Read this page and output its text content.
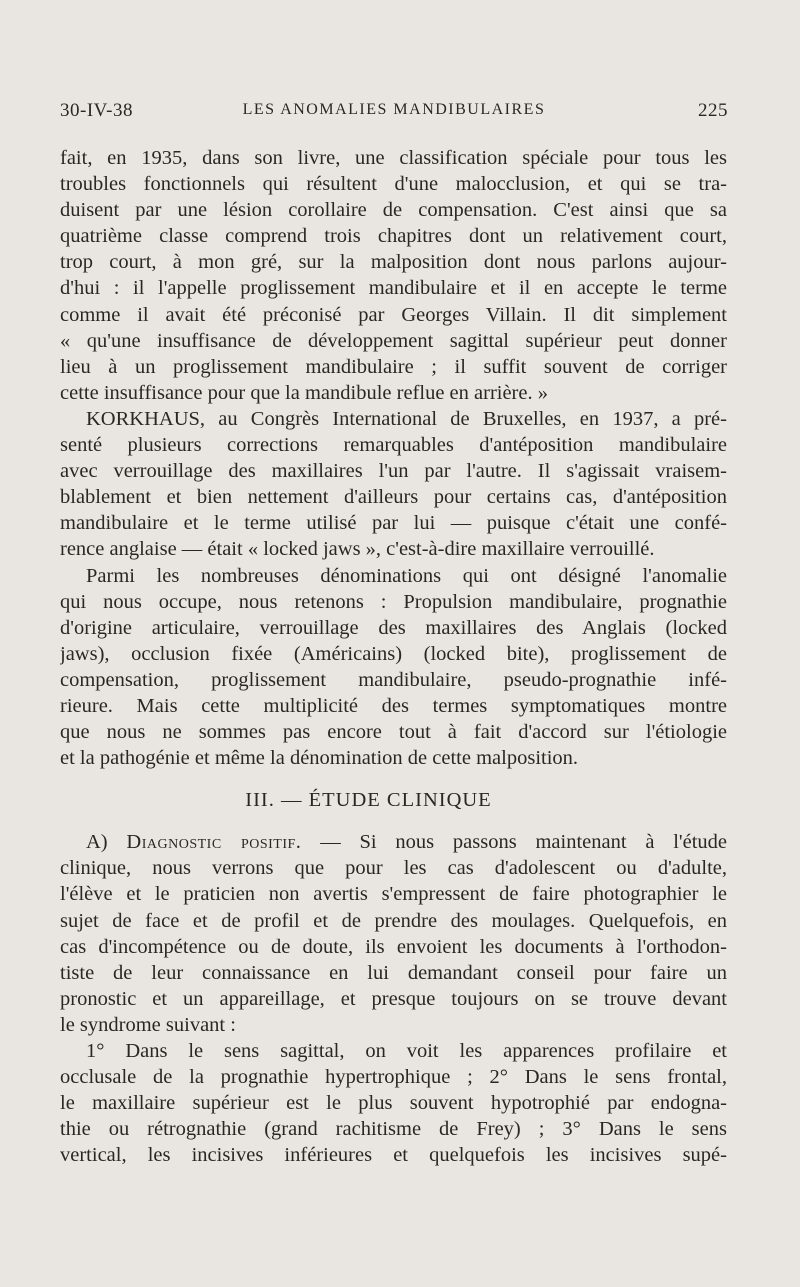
30-IV-38	LES ANOMALIES MANDIBULAIRES	225
fait, en 1935, dans son livre, une classification spéciale pour tous les
troubles fonctionnels qui résultent d'une malocclusion, et qui se tra-
duisent par une lésion corollaire de compensation. C'est ainsi que sa
quatrième classe comprend trois chapitres dont un relativement court,
trop court, à mon gré, sur la malposition dont nous parlons aujour-
d'hui : il l'appelle proglissement mandibulaire et il en accepte le terme
comme il avait été préconisé par Georges Villain. Il dit simplement
« qu'une insuffisance de développement sagittal supérieur peut donner
lieu à un proglissement mandibulaire ; il suffit souvent de corriger
cette insuffisance pour que la mandibule reflue en arrière. »
KORKHAUS, au Congrès International de Bruxelles, en 1937, a pré-
senté plusieurs corrections remarquables d'antéposition mandibulaire
avec verrouillage des maxillaires l'un par l'autre. Il s'agissait vraisem-
blablement et bien nettement d'ailleurs pour certains cas, d'antéposition
mandibulaire et le terme utilisé par lui — puisque c'était une confé-
rence anglaise — était « locked jaws », c'est-à-dire maxillaire verrouillé.
Parmi les nombreuses dénominations qui ont désigné l'anomalie
qui nous occupe, nous retenons : Propulsion mandibulaire, prognathie
d'origine articulaire, verrouillage des maxillaires des Anglais (locked
jaws), occlusion fixée (Américains) (locked bite), proglissement de
compensation, proglissement mandibulaire, pseudo-prognathie infé-
rieure. Mais cette multiplicité des termes symptomatiques montre
que nous ne sommes pas encore tout à fait d'accord sur l'étiologie
et la pathogénie et même la dénomination de cette malposition.
III. — ÉTUDE CLINIQUE
A) Diagnostic positif. — Si nous passons maintenant à l'étude
clinique, nous verrons que pour les cas d'adolescent ou d'adulte,
l'élève et le praticien non avertis s'empressent de faire photographier le
sujet de face et de profil et de prendre des moulages. Quelquefois, en
cas d'incompétence ou de doute, ils envoient les documents à l'orthodon-
tiste de leur connaissance en lui demandant conseil pour faire un
pronostic et un appareillage, et presque toujours on se trouve devant
le syndrome suivant :
1° Dans le sens sagittal, on voit les apparences profilaire et
occlusale de la prognathie hypertrophique ; 2° Dans le sens frontal,
le maxillaire supérieur est le plus souvent hypotrophié par endogna-
thie ou rétrognathie (grand rachitisme de Frey) ; 3° Dans le sens
vertical, les incisives inférieures et quelquefois les incisives supé-
